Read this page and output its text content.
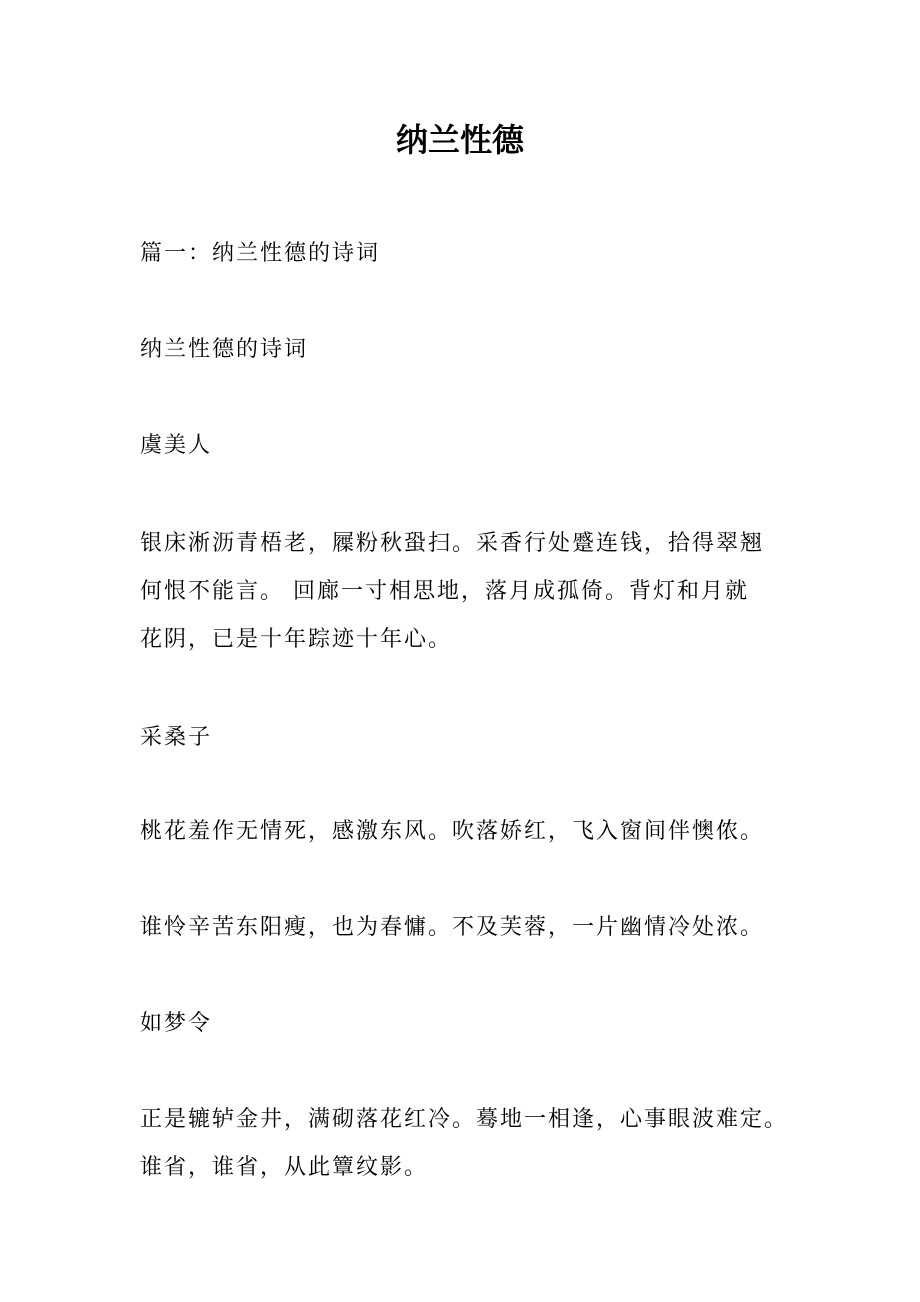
纳兰性德

篇一：纳兰性德的诗词

纳兰性德的诗词

虞美人

银床淅沥青梧老，屧粉秋蛩扫。采香行处蹙连钱，拾得翠翘
何恨不能言。 回廊一寸相思地，落月成孤倚。背灯和月就
花阴，已是十年踪迹十年心。

采桑子

桃花羞作无情死，感激东风。吹落娇红，飞入窗间伴懊侬。

谁怜辛苦东阳瘦，也为春慵。不及芙蓉，一片幽情冷处浓。

如梦令

正是辘轳金井，满砌落花红冷。蓦地一相逢，心事眼波难定。
谁省，谁省，从此簟纹影。
